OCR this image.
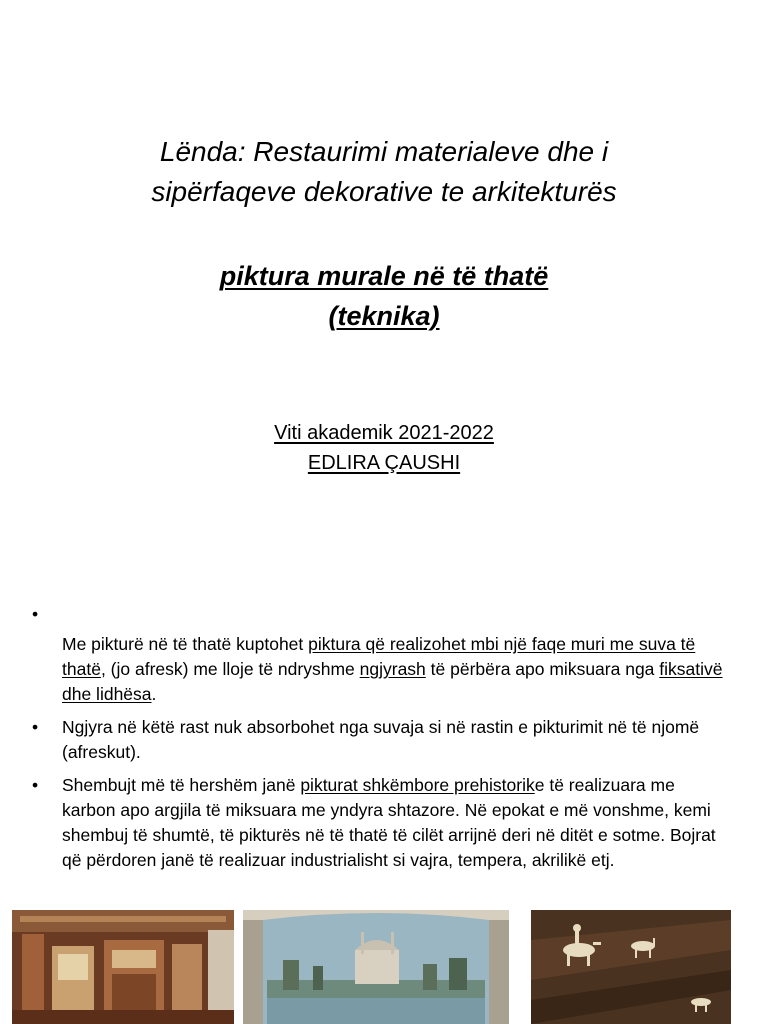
Lënda: Restaurimi materialeve dhe i
sipërfaqeve dekorative te arkitekturës
piktura murale në të thatë
(teknika)
Viti akademik 2021-2022
EDLIRA ÇAUSHI
•
Me pikturë në të thatë kuptohet piktura që realizohet mbi një faqe muri me suva të thatë, (jo afresk) me lloje të ndryshme ngjyrash të përbëra apo miksuara nga fiksativë dhe lidhësa.
• Ngjyra në këtë rast nuk absorbohet nga suvaja si në rastin e pikturimit në të njomë (afreskut).
• Shembujt më të hershëm janë pikturat shkëmbore prehistorike të realizuara me karbon apo argjila të miksuara me yndyra shtazore. Në epokat e më vonshme, kemi shembuj të shumtë, të pikturës në të thatë të cilët arrijnë deri në ditët e sotme. Bojrat që përdoren janë të realizuar industrialisht si vajra, tempera, akrilikë etj.
